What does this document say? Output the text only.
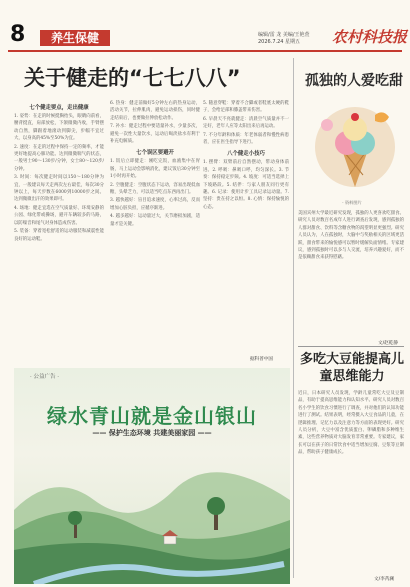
8	养生保健	编辑/雷 龙 美编/王艳萱
2026.7.24 星期五	农村科技报
关于健走的“七七八八”
七个健走要点，走出健康

1. 姿势：在走的时候挺胸抬头，眼睛向前看，腰背挺直，肩部放松，下颌微微内收，手臂摆动自然，脚跟着地滚动到脚尖，步幅不宜过大，以身高的45%至50%为宜。

2. 速度：在走的过程中保持一定的频率，才能更好地提高心肺功能。达到微微喘气的状态，一般男士90～130步/分钟，女士80～120步/分钟。

3. 时间：每次健走时间以150～180分钟为宜，一般建议每天走两次左右最佳，每次30分钟以上，每天步数在6000到10000步之间。达到微微出汗的效果即可。

4. 场地：健走宜选在空气质量好、环境安静的公园、绿化带或操场，避开车辆较多的马路，以防噪音和尾气对身体造成伤害。

5. 装备：穿着宽松舒适的运动服装和减震性能良好的运动鞋。

6. 热身：健走前做好5分钟左右的热身运动，活动关节，拉伸肌肉，避免运动损伤，同时健走结束后，也要做拉伸放松动作。

7. 补水：健走过程中要适量补水，少量多次，避免一次性大量饮水，运动后喝淡盐水有利于补充电解质。

七个误区要避开

1. 饭后立即健走：刚吃完饭，血液集中在胃肠，马上运动会影响消化，建议饭后30分钟至1小时再开始。

2. 空腹健走：空腹状态下运动，容易出现低血糖，头晕乏力，可以适当吃点东西再出门。

3. 越快越好：盲目追求速度，心率过高，反而增加心脏负担，应循序渐进。

4. 越多越好：运动量过大，关节磨损加剧，适量才是关键。

5. 随意穿鞋：穿着不合脚或者鞋底太硬的鞋子，会给足部和膝盖带来伤害。

6. 早晨天不亮就健走：清晨空气质量并不一定好，老年人应等太阳出来后再运动。

7. 不分年龄和体质：年老体弱者和慢性病患者，应在医生指导下进行。

八个健走小技巧

1. 摆臂：双臂前后自然摆动，带动身体前进。2. 呼吸：鼻吸口呼，均匀深长。3. 节奏：保持稳定步频。4. 坡度：可适当选择上下坡路段。5. 结伴：与家人朋友同行更有趣。6. 记录：使用计步工具记录运动量。7. 坚持：贵在持之以恒。8. 心情：保持愉悦的心态。

据科普中国
孤独的人爱吃甜
· 资料图片

美国宾州大学最近研究发现，孤独的人更喜欢吃甜食。研究人员对数百名成年人进行调查后发现，感到孤独的人群对甜食、饮料等含糖食物的渴望明显更强烈。研究人员认为，人在孤独时，大脑中与奖励相关的区域更活跃，甜食带来的愉悦感可以暂时缓解负面情绪。专家建议，感到孤独时可以多与人交流，培养兴趣爱好，而不是依赖甜食来获得慰藉。

文/赵乾静
多吃大豆能提高儿童思维能力

近日，日本研究人员发现，学龄儿童常吃大豆及豆制品，有助于提高思维能力和认知水平。研究人员对数百名小学生的饮食习惯进行了调查，并对他们的认知功能进行了测试。结果表明，经常摄入大豆食品的儿童，在逻辑推理、记忆力以及注意力等方面的表现更好。研究人员分析，大豆中富含优质蛋白、卵磷脂和多种维生素，这些营养物质对大脑发育非常重要。专家建议，家长可以在孩子的日常饮食中适当增加豆腐、豆浆等豆制品，帮助孩子健康成长。

文/李芮澜
· 公益广告 ·
绿水青山就是金山银山
—— 保护生态环境 共建美丽家园 ——
